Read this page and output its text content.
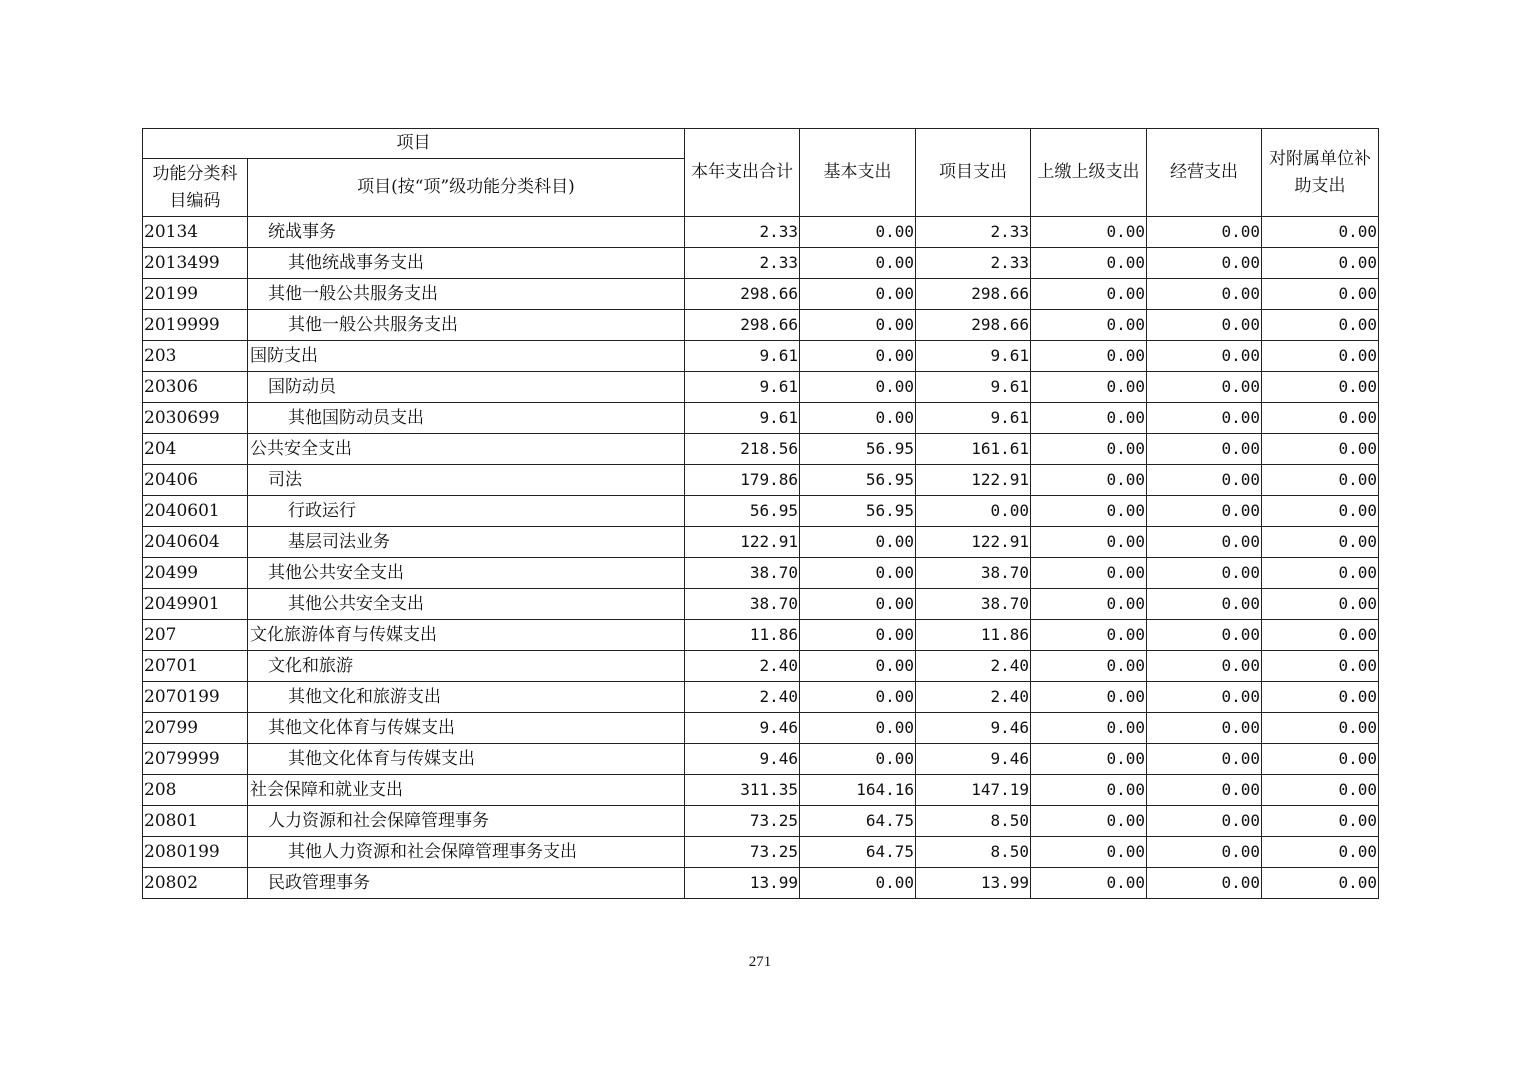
项目		本年支出合计	基本支出	项目支出	上缴上级支出	经营支出	对附属单位补助支出
功能分类科目编码	项目(按“项”级功能分类科目)						
20134	统战事务	2.33	0.00	2.33	0.00	0.00	0.00
2013499	其他统战事务支出	2.33	0.00	2.33	0.00	0.00	0.00
20199	其他一般公共服务支出	298.66	0.00	298.66	0.00	0.00	0.00
2019999	其他一般公共服务支出	298.66	0.00	298.66	0.00	0.00	0.00
203	国防支出	9.61	0.00	9.61	0.00	0.00	0.00
20306	国防动员	9.61	0.00	9.61	0.00	0.00	0.00
2030699	其他国防动员支出	9.61	0.00	9.61	0.00	0.00	0.00
204	公共安全支出	218.56	56.95	161.61	0.00	0.00	0.00
20406	司法	179.86	56.95	122.91	0.00	0.00	0.00
2040601	行政运行	56.95	56.95	0.00	0.00	0.00	0.00
2040604	基层司法业务	122.91	0.00	122.91	0.00	0.00	0.00
20499	其他公共安全支出	38.70	0.00	38.70	0.00	0.00	0.00
2049901	其他公共安全支出	38.70	0.00	38.70	0.00	0.00	0.00
207	文化旅游体育与传媒支出	11.86	0.00	11.86	0.00	0.00	0.00
20701	文化和旅游	2.40	0.00	2.40	0.00	0.00	0.00
2070199	其他文化和旅游支出	2.40	0.00	2.40	0.00	0.00	0.00
20799	其他文化体育与传媒支出	9.46	0.00	9.46	0.00	0.00	0.00
2079999	其他文化体育与传媒支出	9.46	0.00	9.46	0.00	0.00	0.00
208	社会保障和就业支出	311.35	164.16	147.19	0.00	0.00	0.00
20801	人力资源和社会保障管理事务	73.25	64.75	8.50	0.00	0.00	0.00
2080199	其他人力资源和社会保障管理事务支出	73.25	64.75	8.50	0.00	0.00	0.00
20802	民政管理事务	13.99	0.00	13.99	0.00	0.00	0.00
271
